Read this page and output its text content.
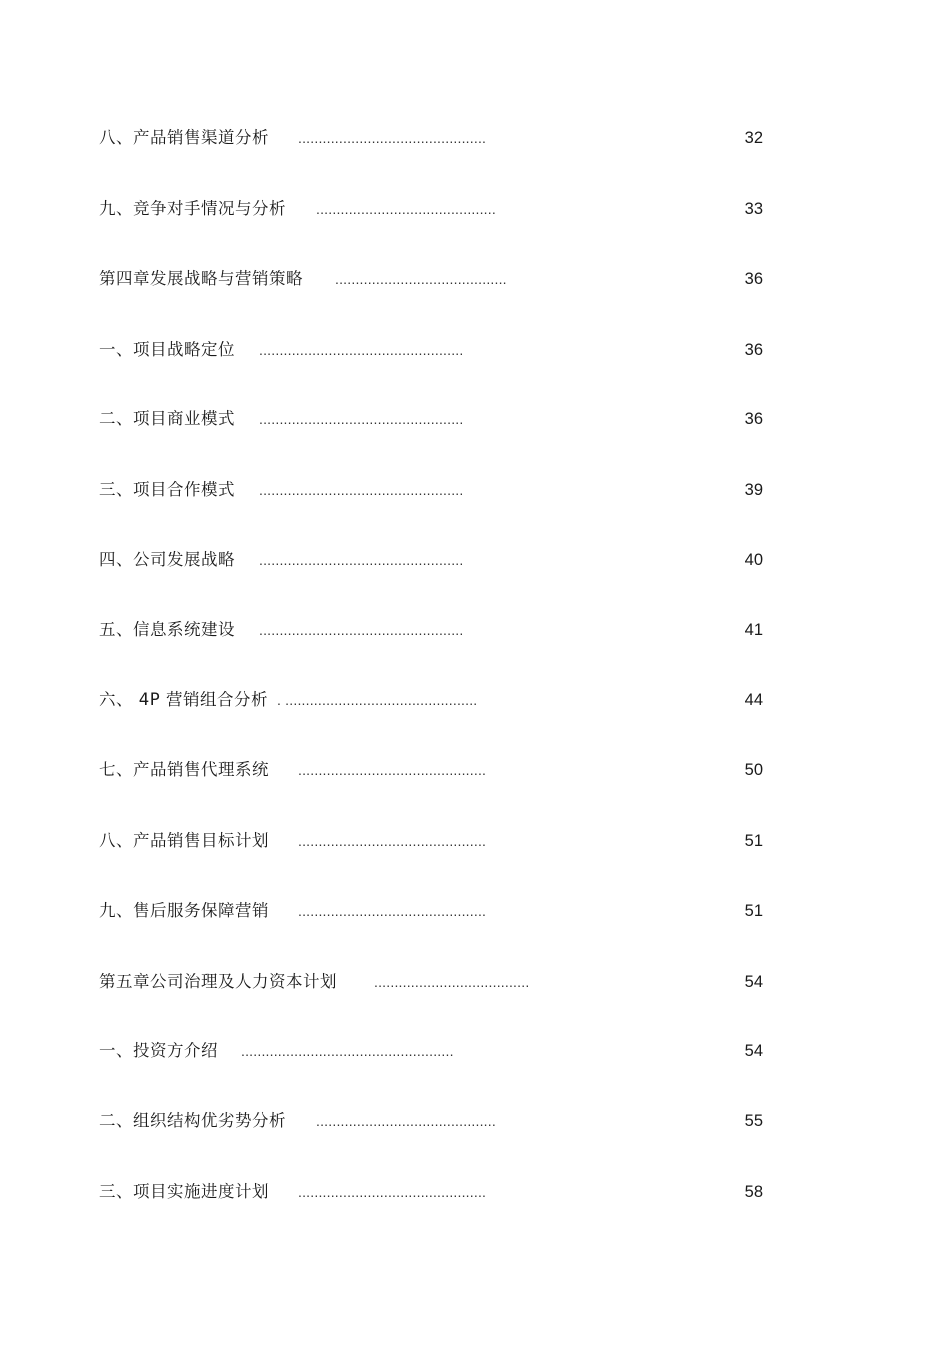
八、产品销售渠道分析 ..............................................	32
九、竞争对手情况与分析 ............................................	33
第四章发展战略与营销策略 ..........................................	36
一、项目战略定位 ..................................................	36
二、项目商业模式 ..................................................	36
三、项目合作模式 ..................................................	39
四、公司发展战略 ..................................................	40
五、信息系统建设 ..................................................	41
六、 4P 营销组合分析 . ...............................................	44
七、产品销售代理系统 ..............................................	50
八、产品销售目标计划 ..............................................	51
九、售后服务保障营销 ..............................................	51
第五章公司治理及人力资本计划	......................................	54
一、投资方介绍 ....................................................	54
二、组织结构优劣势分析 ............................................	55
三、项目实施进度计划 ..............................................	58
